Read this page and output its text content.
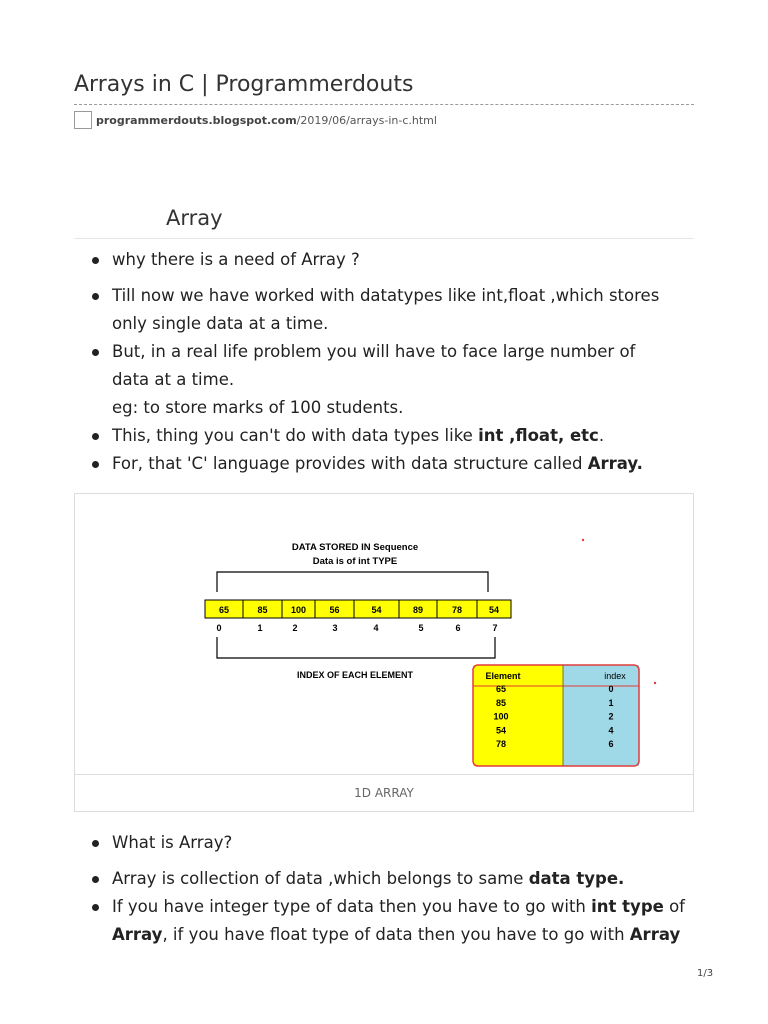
Arrays in C | Programmerdouts
programmerdouts.blogspot.com /2019/06/arrays-in-c.html
Array
why there is a need of Array ?
Till now we have worked with datatypes like int,float ,which stores
only single data at a time.
But, in a real life problem you will have to face large number of
data at a time.
eg: to store marks of 100 students.
This, thing you can't do with data types like int ,float, etc.
For, that 'C' language provides with data structure called Array.
DATA STORED IN Sequence
Data is of int TYPE
65	85	100	56	54	89	78	54
0	1	2	3	4	5	6	7
INDEX OF EACH ELEMENT	Element	index
65	0
85	1
100	2
54	4
78	6
1D ARRAY
What is Array?
Array is collection of data ,which belongs to same data type.
If you have integer type of data then you have to go with int type of
Array, if you have float type of data then you have to go with Array
1/3
